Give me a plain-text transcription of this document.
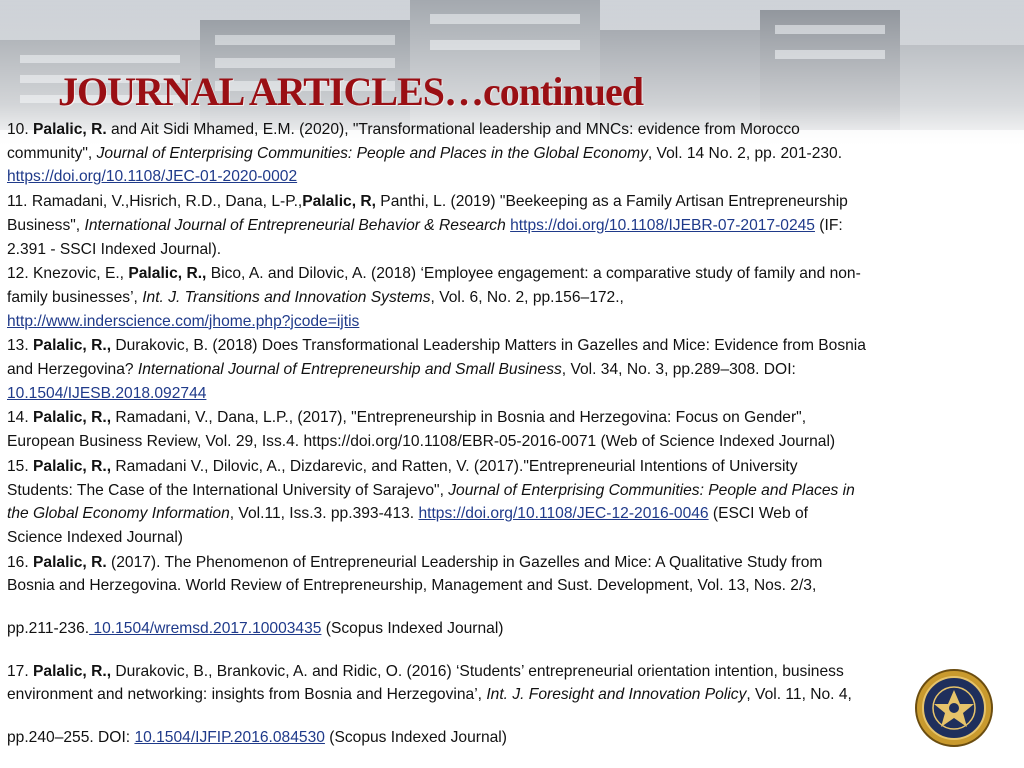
JOURNAL ARTICLES…continued
10. Palalic, R. and Ait Sidi Mhamed, E.M. (2020), "Transformational leadership and MNCs: evidence from Morocco
community", Journal of Enterprising Communities: People and Places in the Global Economy, Vol. 14 No. 2, pp. 201-230.
https://doi.org/10.1108/JEC-01-2020-0002
11. Ramadani, V.,Hisrich, R.D., Dana, L-P.,Palalic, R, Panthi, L. (2019) "Beekeeping as a Family Artisan Entrepreneurship
Business", International Journal of Entrepreneurial Behavior & Research https://doi.org/10.1108/IJEBR-07-2017-0245 (IF:
2.391 - SSCI Indexed Journal).
12. Knezovic, E., Palalic, R., Bico, A. and Dilovic, A. (2018) ‘Employee engagement: a comparative study of family and non-
family businesses’, Int. J. Transitions and Innovation Systems, Vol. 6, No. 2, pp.156–172.,
http://www.inderscience.com/jhome.php?jcode=ijtis
13. Palalic, R., Durakovic, B. (2018) Does Transformational Leadership Matters in Gazelles and Mice: Evidence from Bosnia
and Herzegovina? International Journal of Entrepreneurship and Small Business, Vol. 34, No. 3, pp.289–308. DOI:
10.1504/IJESB.2018.092744
14. Palalic, R., Ramadani, V., Dana, L.P., (2017), "Entrepreneurship in Bosnia and Herzegovina: Focus on Gender",
European Business Review, Vol. 29, Iss.4. https://doi.org/10.1108/EBR-05-2016-0071 (Web of Science Indexed Journal)
15. Palalic, R., Ramadani V., Dilovic, A., Dizdarevic, and Ratten, V. (2017)."Entrepreneurial Intentions of University
Students: The Case of the International University of Sarajevo", Journal of Enterprising Communities: People and Places in
the Global Economy Information, Vol.11, Iss.3. pp.393-413. https://doi.org/10.1108/JEC-12-2016-0046 (ESCI Web of
Science Indexed Journal)
16. Palalic, R. (2017). The Phenomenon of Entrepreneurial Leadership in Gazelles and Mice: A Qualitative Study from
Bosnia and Herzegovina. World Review of Entrepreneurship, Management and Sust. Development, Vol. 13, Nos. 2/3,
pp.211-236. 10.1504/wremsd.2017.10003435 (Scopus Indexed Journal)
17. Palalic, R., Durakovic, B., Brankovic, A. and Ridic, O. (2016) ‘Students’ entrepreneurial orientation intention, business
environment and networking: insights from Bosnia and Herzegovina’, Int. J. Foresight and Innovation Policy, Vol. 11, No. 4,
pp.240–255. DOI: 10.1504/IJFIP.2016.084530 (Scopus Indexed Journal)
